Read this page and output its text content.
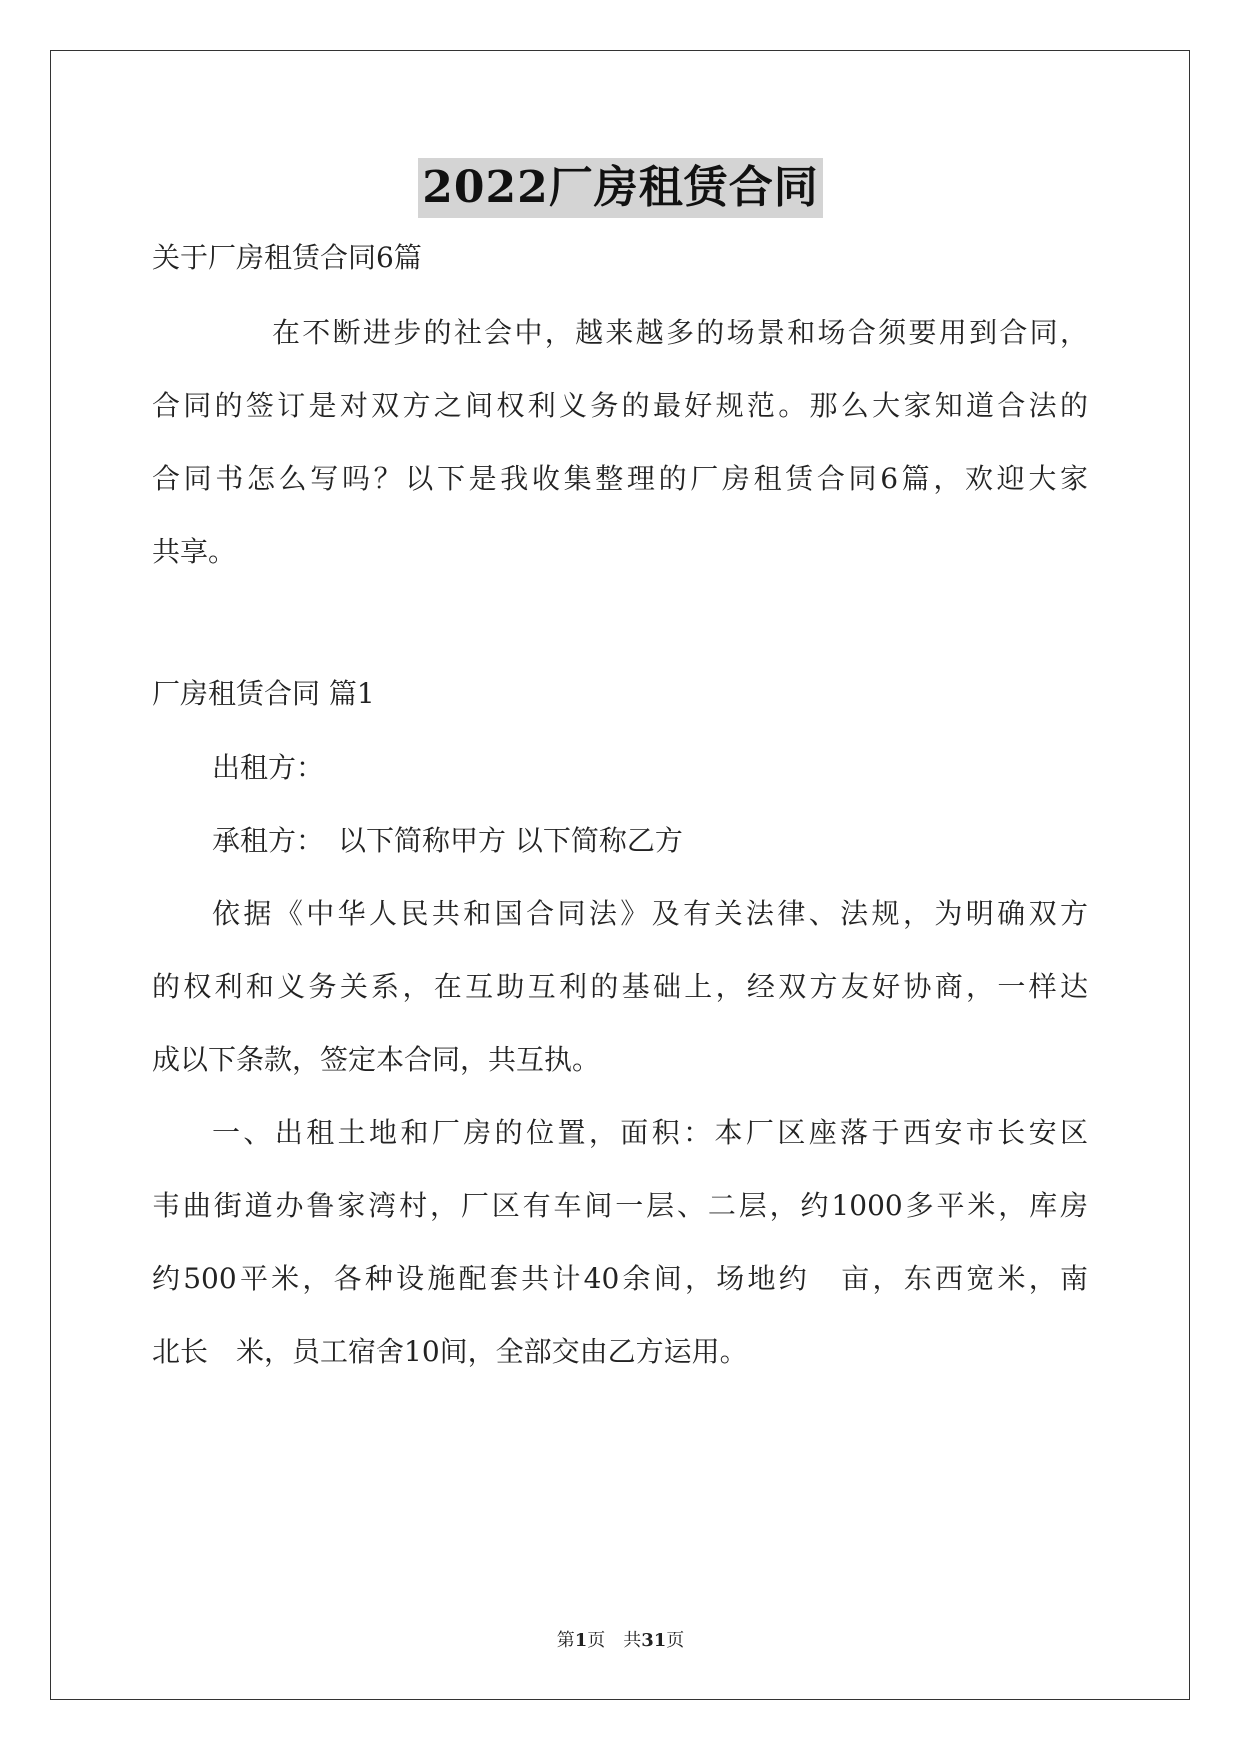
2022厂房租赁合同
关于厂房租赁合同6篇
在不断进步的社会中，越来越多的场景和场合须要用到合同，
合同的签订是对双方之间权利义务的最好规范。那么大家知道合法的
合同书怎么写吗？以下是我收集整理的厂房租赁合同6篇，欢迎大家
共享。
厂房租赁合同 篇1
出租方：
承租方：　以下简称甲方 以下简称乙方
依据《中华人民共和国合同法》及有关法律、法规，为明确双方
的权利和义务关系，在互助互利的基础上，经双方友好协商，一样达
成以下条款，签定本合同，共互执。
一、出租土地和厂房的位置，面积：本厂区座落于西安市长安区
韦曲街道办鲁家湾村，厂区有车间一层、二层，约1000多平米，库房
约500平米，各种设施配套共计40余间，场地约　亩，东西宽米，南
北长　米，员工宿舍10间，全部交由乙方运用。
第1页　共31页
